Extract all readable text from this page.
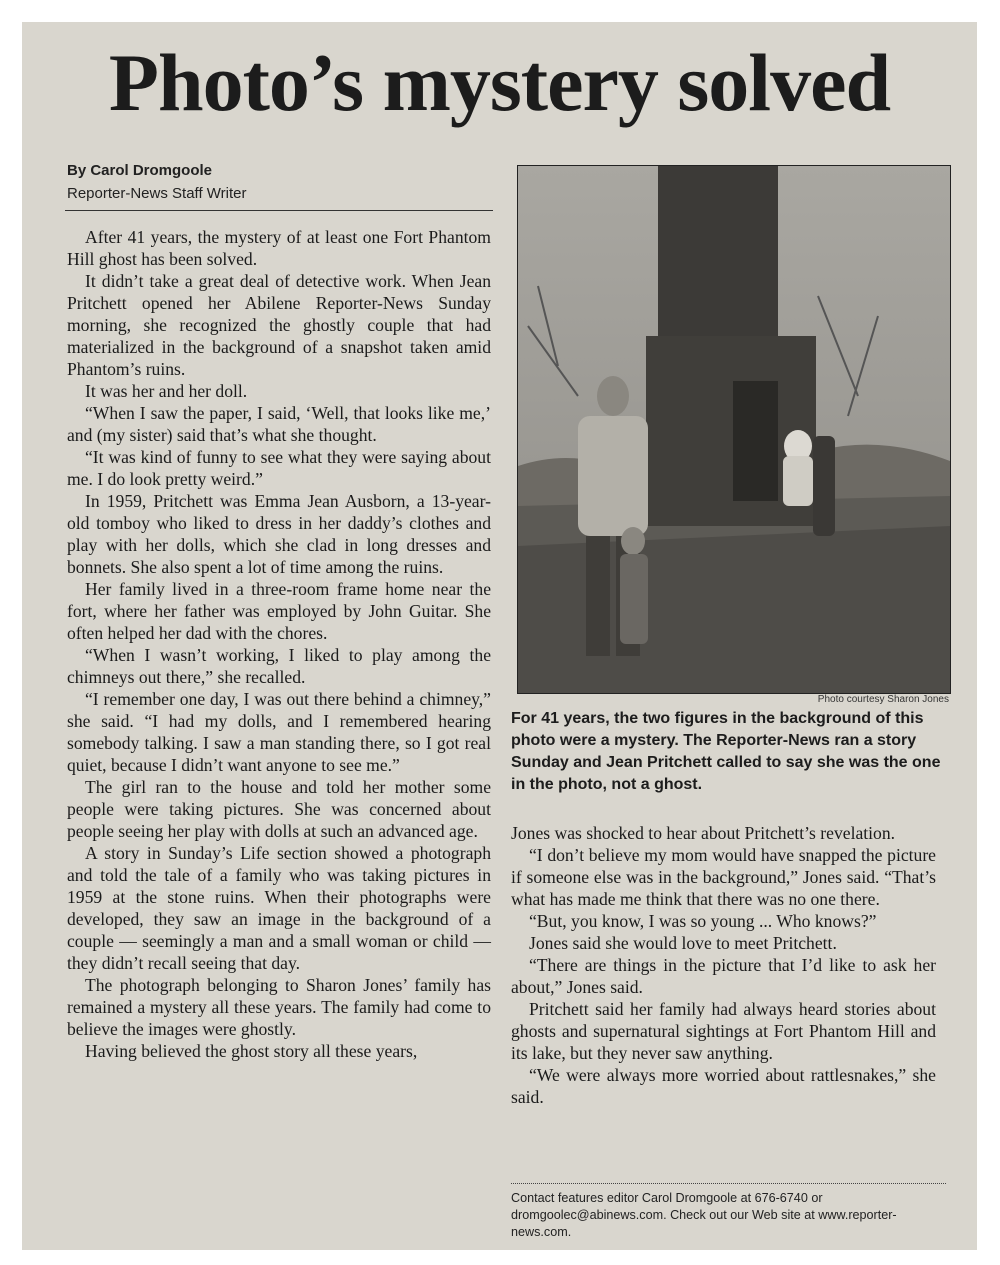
Photo’s mystery solved
By Carol Dromgoole
Reporter-News Staff Writer

After 41 years, the mystery of at least one Fort Phantom Hill ghost has been solved.

It didn’t take a great deal of detective work. When Jean Pritchett opened her Abilene Reporter-News Sunday morning, she recognized the ghostly couple that had materialized in the background of a snapshot taken amid Phantom’s ruins.

It was her and her doll.

“When I saw the paper, I said, ‘Well, that looks like me,’ and (my sister) said that’s what she thought.

“It was kind of funny to see what they were saying about me. I do look pretty weird.”

In 1959, Pritchett was Emma Jean Ausborn, a 13-year-old tomboy who liked to dress in her daddy’s clothes and play with her dolls, which she clad in long dresses and bonnets. She also spent a lot of time among the ruins.

Her family lived in a three-room frame home near the fort, where her father was employed by John Guitar. She often helped her dad with the chores.

“When I wasn’t working, I liked to play among the chimneys out there,” she recalled.

“I remember one day, I was out there behind a chimney,” she said. “I had my dolls, and I remembered hearing somebody talking. I saw a man standing there, so I got real quiet, because I didn’t want anyone to see me.”

The girl ran to the house and told her mother some people were taking pictures. She was concerned about people seeing her play with dolls at such an advanced age.

A story in Sunday’s Life section showed a photograph and told the tale of a family who was taking pictures in 1959 at the stone ruins. When their photographs were developed, they saw an image in the background of a couple — seemingly a man and a small woman or child — they didn’t recall seeing that day.

The photograph belonging to Sharon Jones’ family has remained a mystery all these years. The family had come to believe the images were ghostly.

Having believed the ghost story all these years,

Photo courtesy Sharon Jones
For 41 years, the two figures in the background of this photo were a mystery. The Reporter-News ran a story Sunday and Jean Pritchett called to say she was the one in the photo, not a ghost.

Jones was shocked to hear about Pritchett’s revelation.

“I don’t believe my mom would have snapped the picture if someone else was in the background,” Jones said. “That’s what has made me think that there was no one there.

“But, you know, I was so young ... Who knows?”

Jones said she would love to meet Pritchett.

“There are things in the picture that I’d like to ask her about,” Jones said.

Pritchett said her family had always heard stories about ghosts and supernatural sightings at Fort Phantom Hill and its lake, but they never saw anything.

“We were always more worried about rattlesnakes,” she said.

Contact features editor Carol Dromgoole at 676-6740 or dromgoolec@abinews.com. Check out our Web site at www.reporter-news.com.
